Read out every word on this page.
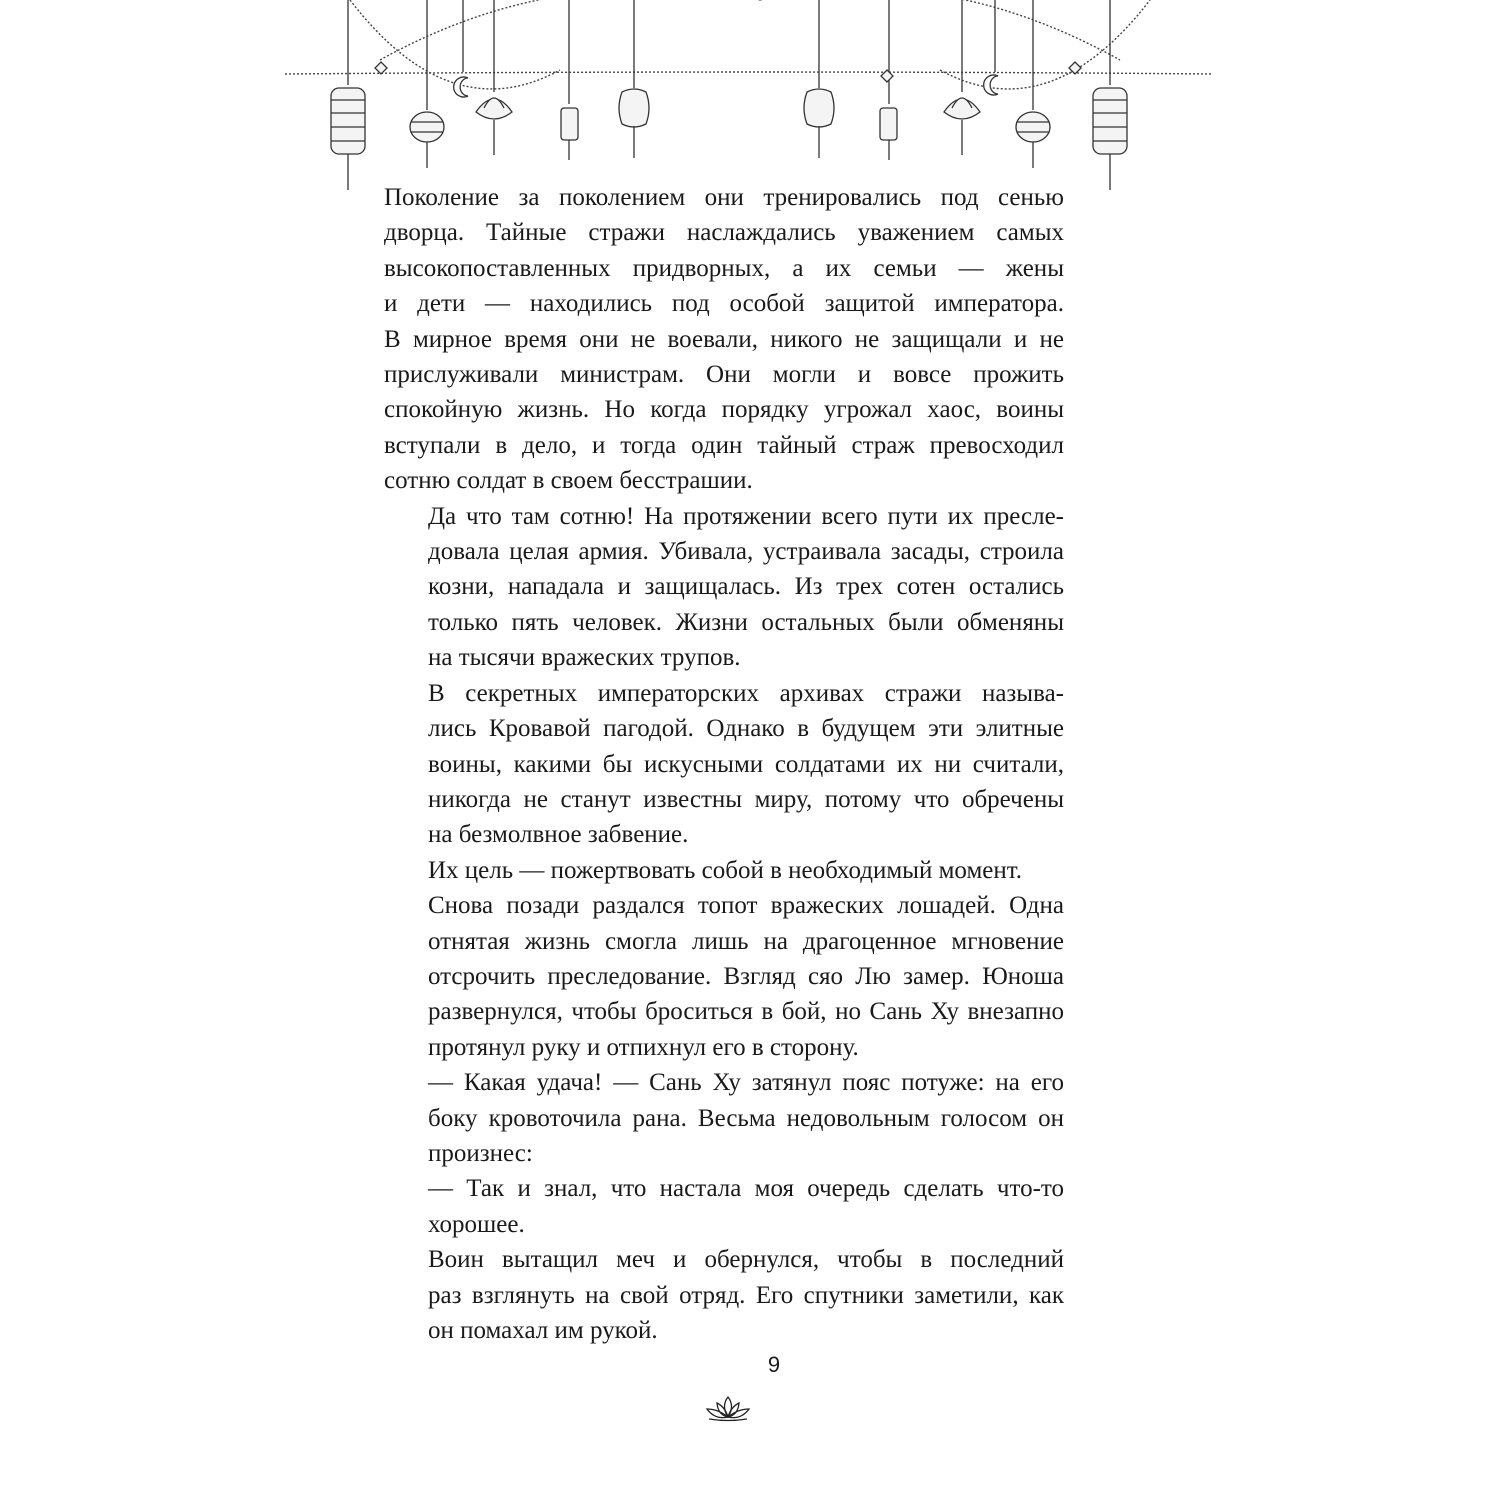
Поколение за поколением они тренировались под сенью
дворца. Тайные стражи наслаждались уважением самых
высокопоставленных придворных, а их семьи — жены
и дети — находились под особой защитой императора.
В мирное время они не воевали, никого не защищали и не
прислуживали министрам. Они могли и вовсе прожить
спокойную жизнь. Но когда порядку угрожал хаос, воины
вступали в дело, и тогда один тайный страж превосходил
сотню солдат в своем бесстрашии.

Да что там сотню! На протяжении всего пути их пресле-
довала целая армия. Убивала, устраивала засады, строила
козни, нападала и защищалась. Из трех сотен остались
только пять человек. Жизни остальных были обменяны
на тысячи вражеских трупов.

В секретных императорских архивах стражи называ-
лись Кровавой пагодой. Однако в будущем эти элитные
воины, какими бы искусными солдатами их ни считали,
никогда не станут известны миру, потому что обречены
на безмолвное забвение.

Их цель — пожертвовать собой в необходимый момент.

Снова позади раздался топот вражеских лошадей. Одна
отнятая жизнь смогла лишь на драгоценное мгновение
отсрочить преследование. Взгляд сяо Лю замер. Юноша
развернулся, чтобы броситься в бой, но Сань Ху внезапно
протянул руку и отпихнул его в сторону.

— Какая удача! — Сань Ху затянул пояс потуже: на его
боку кровоточила рана. Весьма недовольным голосом он
произнес:

— Так и знал, что настала моя очередь сделать что-то
хорошее.

Воин вытащил меч и обернулся, чтобы в последний
раз взглянуть на свой отряд. Его спутники заметили, как
он помахал им рукой.

9
